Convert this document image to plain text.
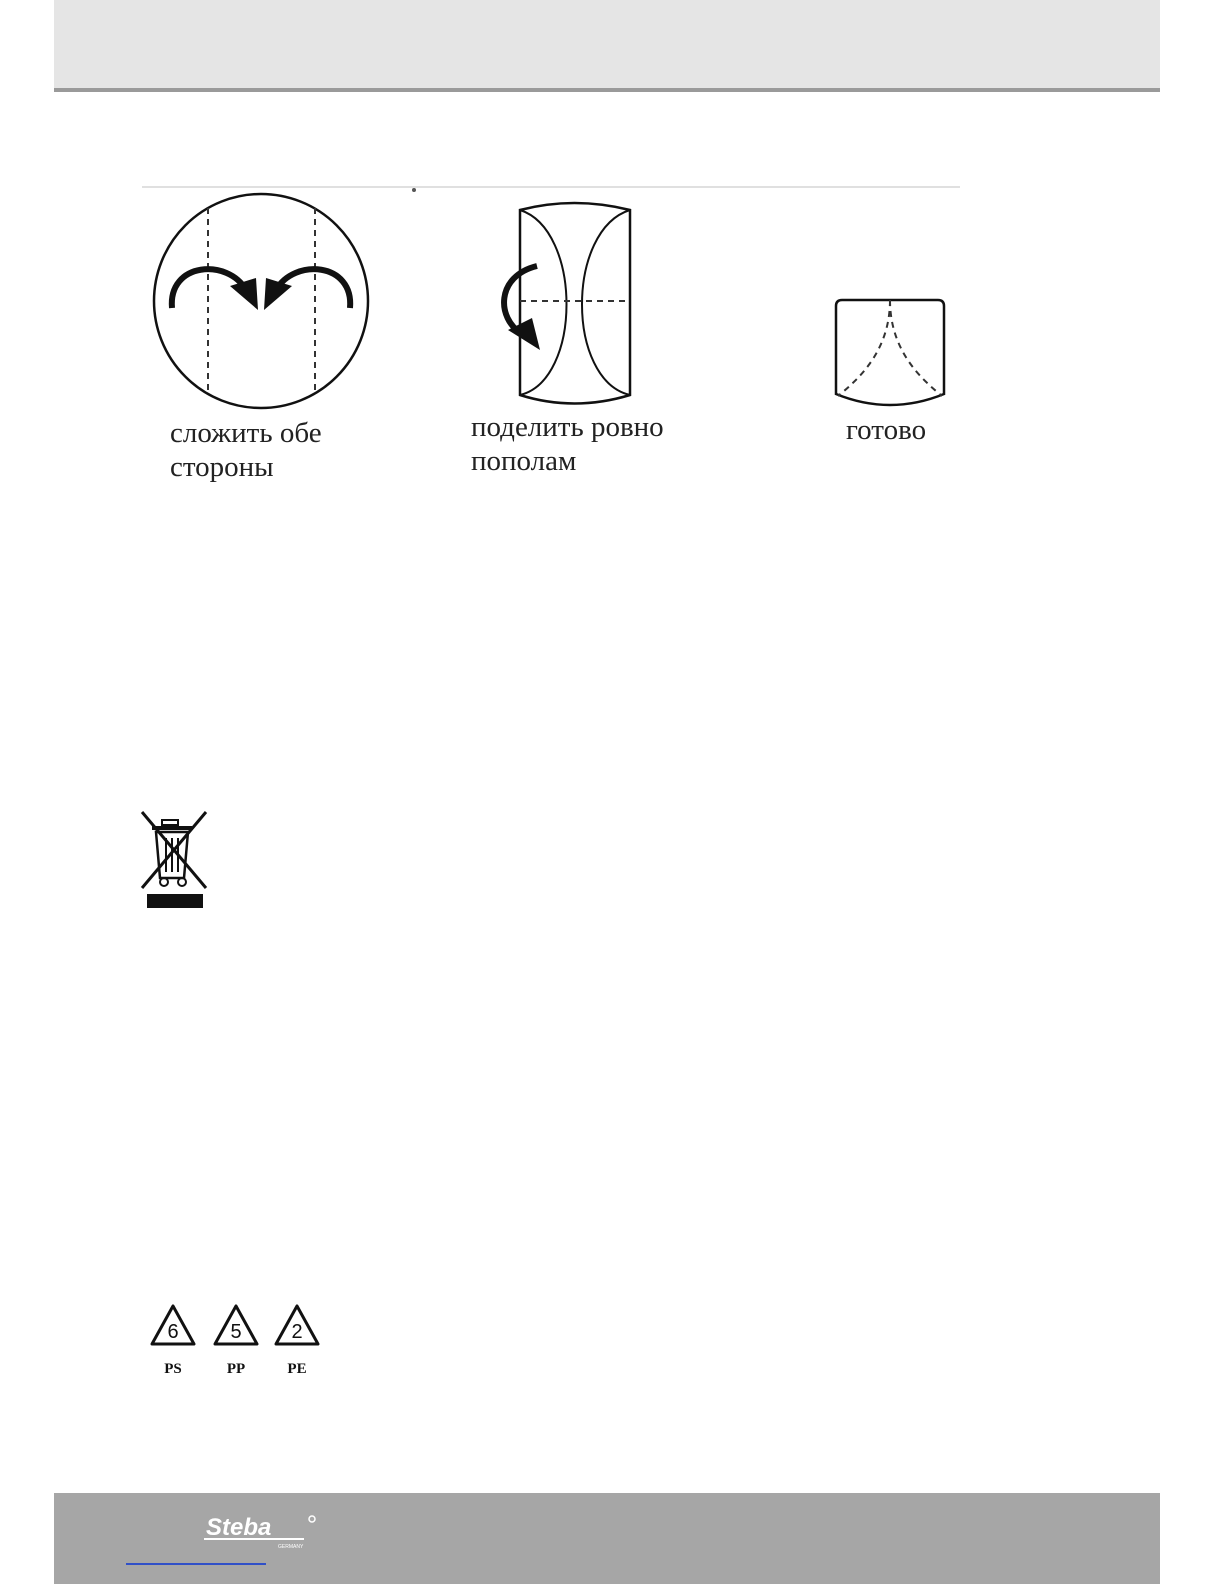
сложить обе
стороны
поделить ровно
пополам
готово
6
PS
5
PP
2
PE
Steba
GERMANY
